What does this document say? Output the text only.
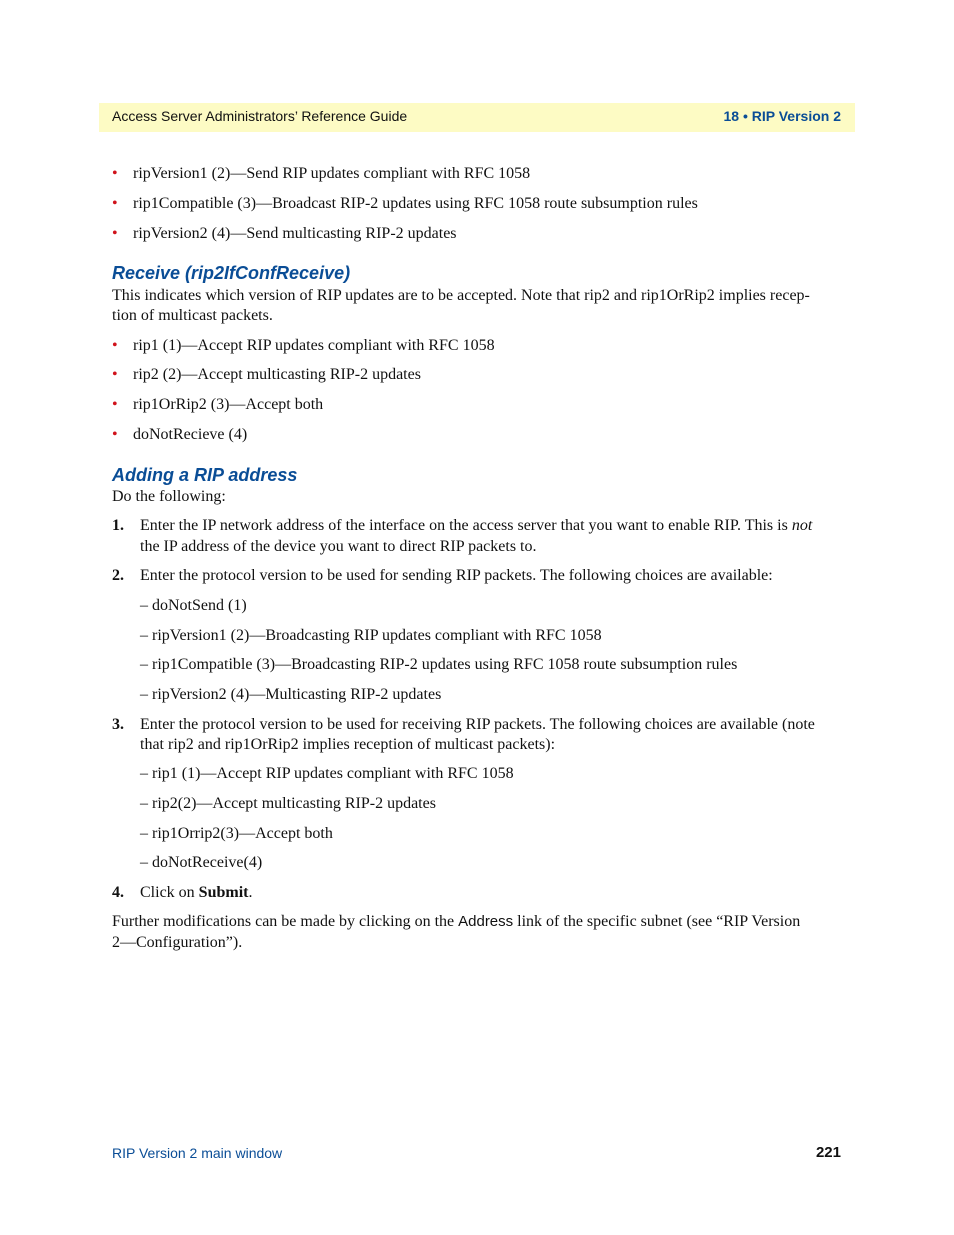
Access Server Administrators’ Reference Guide	18 • RIP Version 2
• ripVersion1 (2)—Send RIP updates compliant with RFC 1058
• rip1Compatible (3)—Broadcast RIP-2 updates using RFC 1058 route subsumption rules
• ripVersion2 (4)—Send multicasting RIP-2 updates
Receive (rip2IfConfReceive)
This indicates which version of RIP updates are to be accepted. Note that rip2 and rip1OrRip2 implies recep-
tion of multicast packets.
• rip1 (1)—Accept RIP updates compliant with RFC 1058
• rip2 (2)—Accept multicasting RIP-2 updates
• rip1OrRip2 (3)—Accept both
• doNotRecieve (4)
Adding a RIP address
Do the following:
1. Enter the IP network address of the interface on the access server that you want to enable RIP. This is not
the IP address of the device you want to direct RIP packets to.
2. Enter the protocol version to be used for sending RIP packets. The following choices are available:
– doNotSend (1)
– ripVersion1 (2)—Broadcasting RIP updates compliant with RFC 1058
– rip1Compatible (3)—Broadcasting RIP-2 updates using RFC 1058 route subsumption rules
– ripVersion2 (4)—Multicasting RIP-2 updates
3. Enter the protocol version to be used for receiving RIP packets. The following choices are available (note
that rip2 and rip1OrRip2 implies reception of multicast packets):
– rip1 (1)—Accept RIP updates compliant with RFC 1058
– rip2(2)—Accept multicasting RIP-2 updates
– rip1Orrip2(3)—Accept both
– doNotReceive(4)
4. Click on Submit.
Further modifications can be made by clicking on the Address link of the specific subnet (see “RIP Version
2—Configuration”).
RIP Version 2 main window	221
